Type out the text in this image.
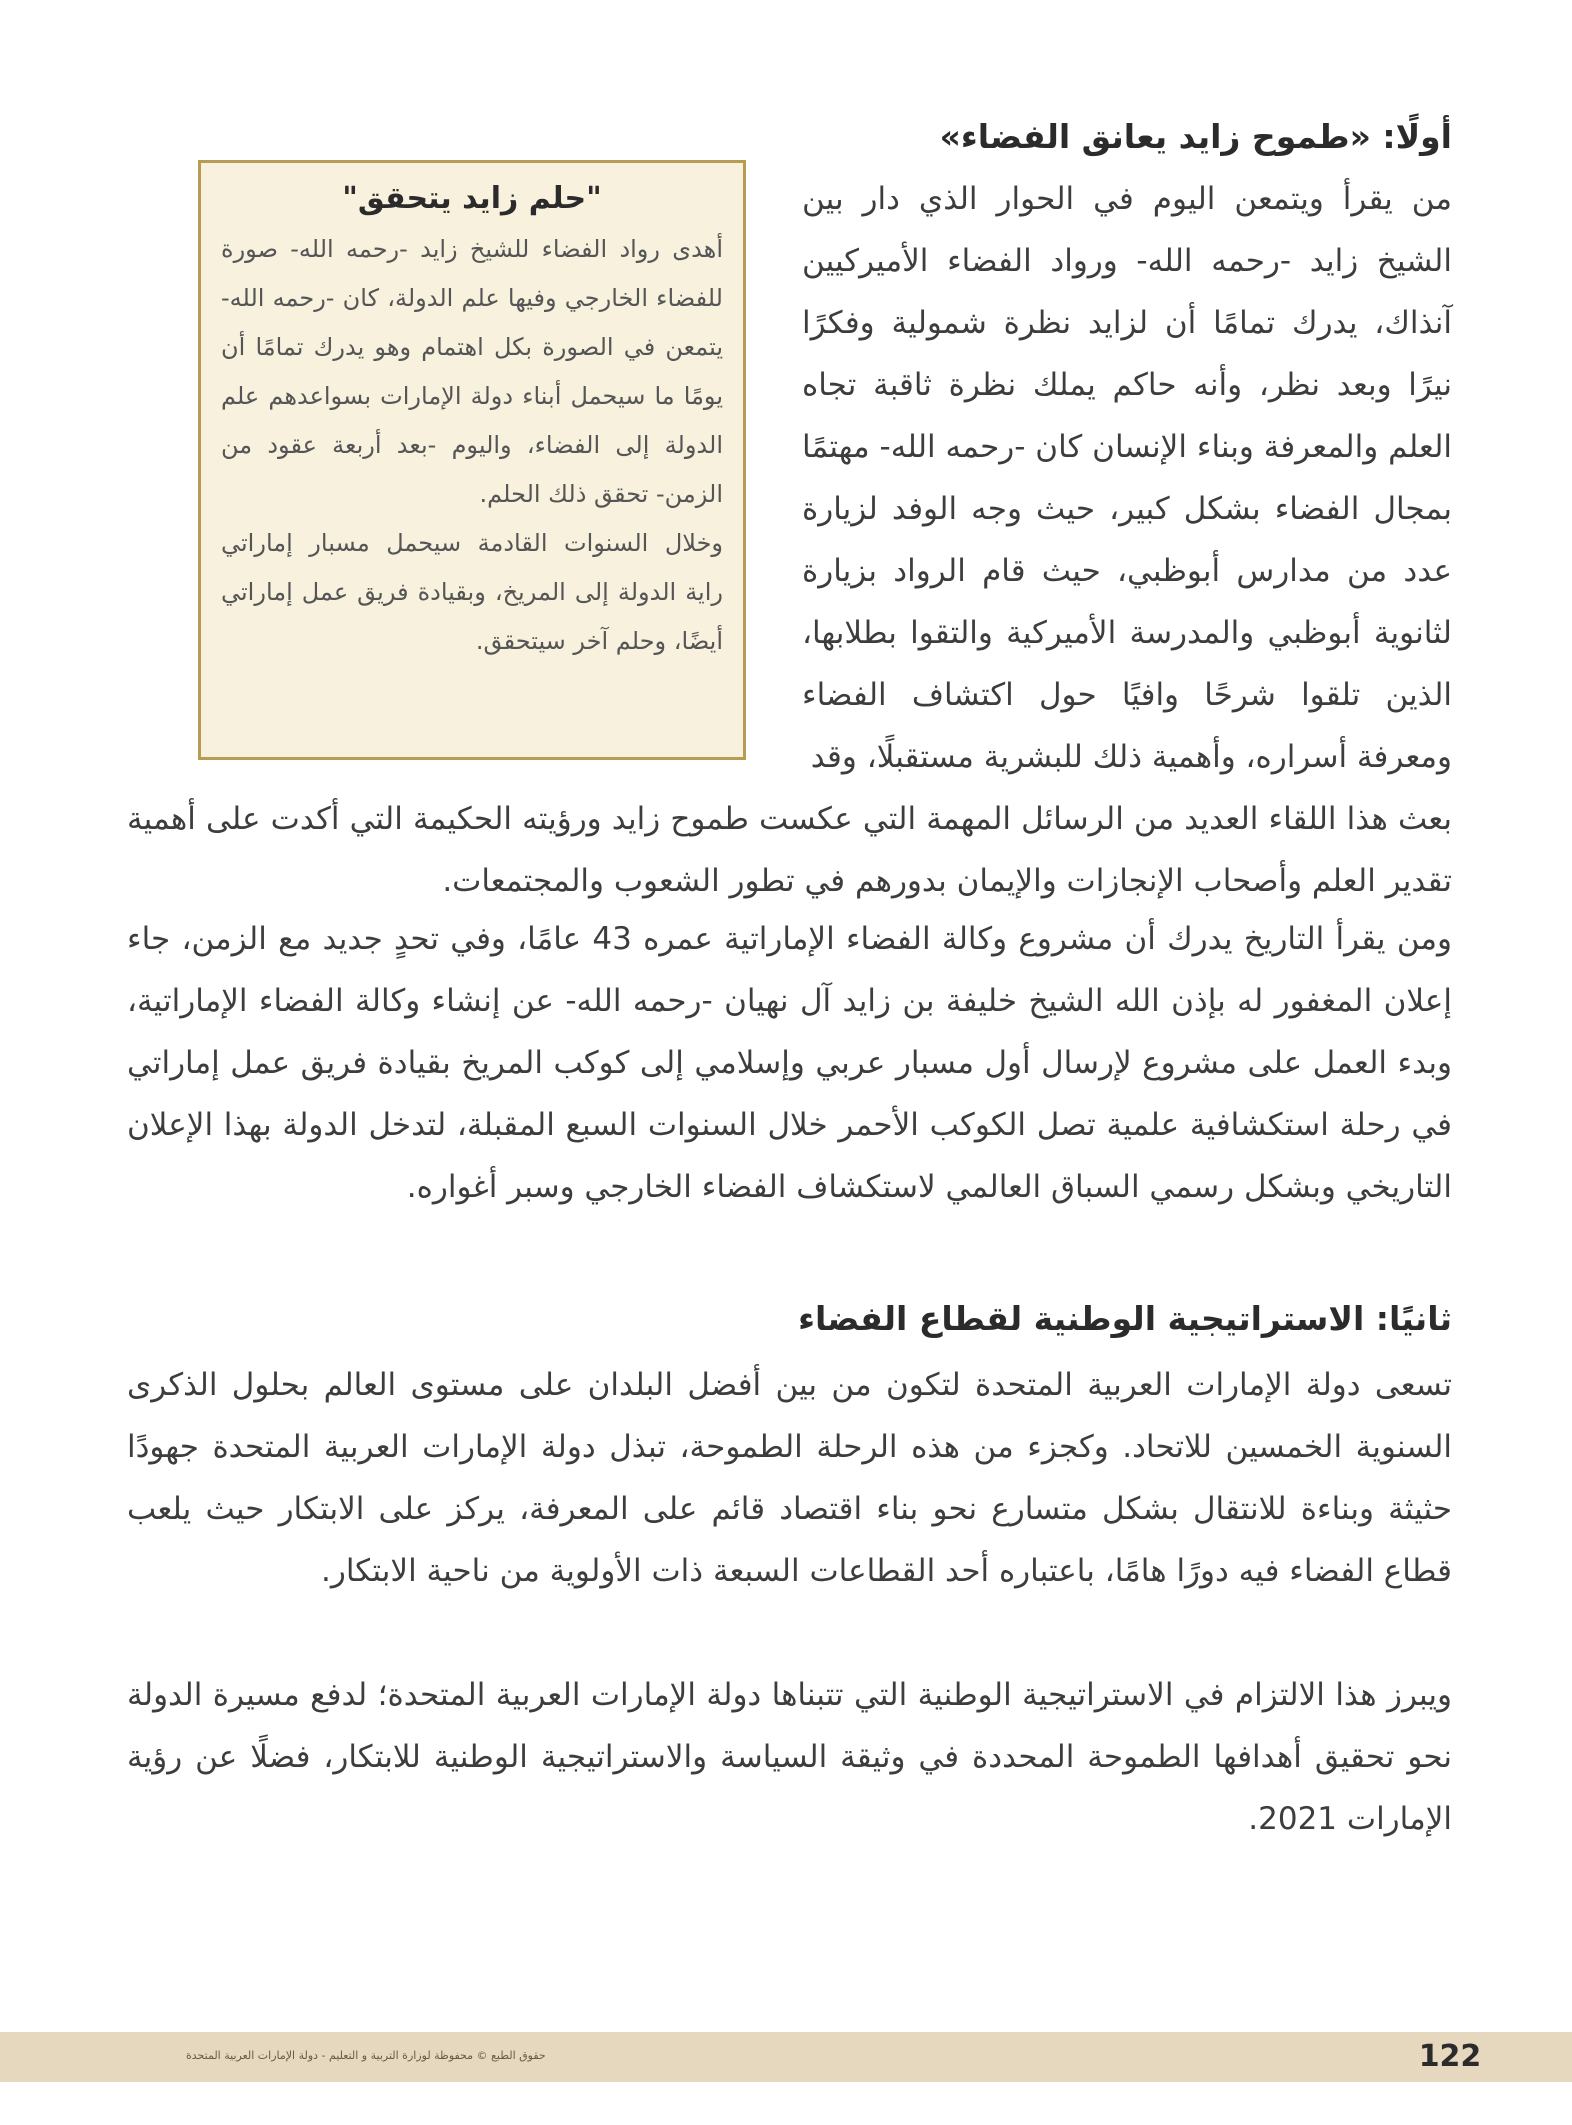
أولًا: «طموح زايد يعانق الفضاء»

من يقرأ ويتمعن اليوم في الحوار الذي دار بين الشيخ زايد -رحمه الله- ورواد الفضاء الأميركيين آنذاك، يدرك تمامًا أن لزايد نظرة شمولية وفكرًا نيرًا وبعد نظر، وأنه حاكم يملك نظرة ثاقبة تجاه العلم والمعرفة وبناء الإنسان كان -رحمه الله- مهتمًا بمجال الفضاء بشكل كبير، حيث وجه الوفد لزيارة عدد من مدارس أبوظبي، حيث قام الرواد بزيارة لثانوية أبوظبي والمدرسة الأميركية والتقوا بطلابها، الذين تلقوا شرحًا وافيًا حول اكتشاف الفضاء ومعرفة أسراره، وأهمية ذلك للبشرية مستقبلًا، وقد

"حلم زايد يتحقق"

أهدى رواد الفضاء للشيخ زايد -رحمه الله- صورة للفضاء الخارجي وفيها علم الدولة، كان -رحمه الله- يتمعن في الصورة بكل اهتمام وهو يدرك تمامًا أن يومًا ما سيحمل أبناء دولة الإمارات بسواعدهم علم الدولة إلى الفضاء، واليوم -بعد أربعة عقود من الزمن- تحقق ذلك الحلم.

وخلال السنوات القادمة سيحمل مسبار إماراتي راية الدولة إلى المريخ، وبقيادة فريق عمل إماراتي أيضًا، وحلم آخر سيتحقق.

بعث هذا اللقاء العديد من الرسائل المهمة التي عكست طموح زايد ورؤيته الحكيمة التي أكدت على أهمية تقدير العلم وأصحاب الإنجازات والإيمان بدورهم في تطور الشعوب والمجتمعات.

ومن يقرأ التاريخ يدرك أن مشروع وكالة الفضاء الإماراتية عمره 43 عامًا، وفي تحدٍ جديد مع الزمن، جاء إعلان المغفور له بإذن الله الشيخ خليفة بن زايد آل نهيان -رحمه الله- عن إنشاء وكالة الفضاء الإماراتية، وبدء العمل على مشروع لإرسال أول مسبار عربي وإسلامي إلى كوكب المريخ بقيادة فريق عمل إماراتي في رحلة استكشافية علمية تصل الكوكب الأحمر خلال السنوات السبع المقبلة، لتدخل الدولة بهذا الإعلان التاريخي وبشكل رسمي السباق العالمي لاستكشاف الفضاء الخارجي وسبر أغواره.

ثانيًا: الاستراتيجية الوطنية لقطاع الفضاء

تسعى دولة الإمارات العربية المتحدة لتكون من بين أفضل البلدان على مستوى العالم بحلول الذكرى السنوية الخمسين للاتحاد. وكجزء من هذه الرحلة الطموحة، تبذل دولة الإمارات العربية المتحدة جهودًا حثيثة وبناءة للانتقال بشكل متسارع نحو بناء اقتصاد قائم على المعرفة، يركز على الابتكار حيث يلعب قطاع الفضاء فيه دورًا هامًا، باعتباره أحد القطاعات السبعة ذات الأولوية من ناحية الابتكار.

ويبرز هذا الالتزام في الاستراتيجية الوطنية التي تتبناها دولة الإمارات العربية المتحدة؛ لدفع مسيرة الدولة نحو تحقيق أهدافها الطموحة المحددة في وثيقة السياسة والاستراتيجية الوطنية للابتكار، فضلًا عن رؤية الإمارات 2021.

122
حقوق الطبع © محفوظة لوزارة التربية و التعليم - دولة الإمارات العربية المتحدة
